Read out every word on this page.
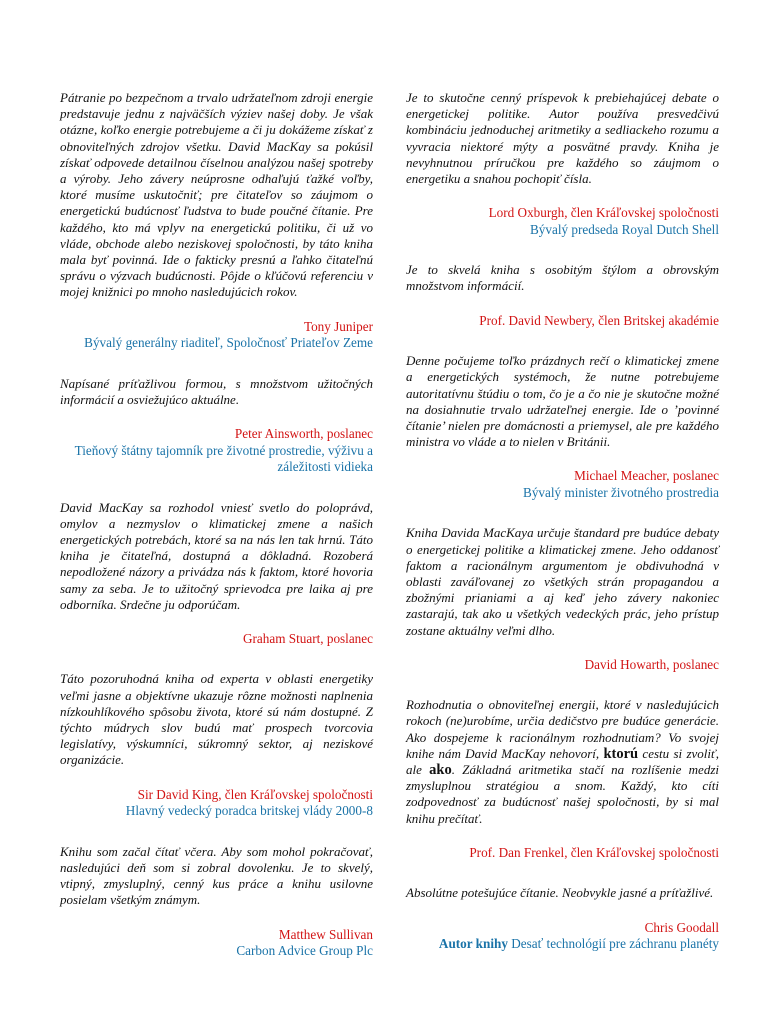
Pátranie po bezpečnom a trvalo udržateľnom zdroji energie predstavuje jednu z najväčších výziev našej doby. Je však otázne, koľko energie potrebujeme a či ju dokážeme získať z obnoviteľných zdrojov všetku. David MacKay sa pokúsil získať odpovede detailnou číselnou analýzou našej spotreby a výroby. Jeho závery neúprosne odhaľujú ťažké voľby, ktoré musíme uskutočniť; pre čitateľov so záujmom o energetickú budúcnosť ľudstva to bude poučné čítanie. Pre každého, kto má vplyv na energetickú politiku, či už vo vláde, obchode alebo neziskovej spoločnosti, by táto kniha mala byť povinná. Ide o fakticky presnú a ľahko čitateľnú správu o výzvach budúcnosti. Pôjde o kľúčovú referenciu v mojej knižnici po mnoho nasledujúcich rokov.

Tony Juniper
Bývalý generálny riaditeľ, Spoločnosť Priateľov Zeme

Napísané príťažlivou formou, s množstvom užitočných informácií a osviežujúco aktuálne.

Peter Ainsworth, poslanec
Tieňový štátny tajomník pre životné prostredie, výživu a záležitosti vidieka

David MacKay sa rozhodol vniesť svetlo do poloprávd, omylov a nezmyslov o klimatickej zmene a našich energetických potrebách, ktoré sa na nás len tak hrnú. Táto kniha je čitateľná, dostupná a dôkladná. Rozoberá nepodložené názory a privádza nás k faktom, ktoré hovoria samy za seba. Je to užitočný sprievodca pre laika aj pre odborníka. Srdečne ju odporúčam.

Graham Stuart, poslanec

Táto pozoruhodná kniha od experta v oblasti energetiky veľmi jasne a objektívne ukazuje rôzne možnosti naplnenia nízkouhlíkového spôsobu života, ktoré sú nám dostupné. Z týchto múdrych slov budú mať prospech tvorcovia legislatívy, výskumníci, súkromný sektor, aj neziskové organizácie.

Sir David King, člen Kráľovskej spoločnosti
Hlavný vedecký poradca britskej vlády 2000-8

Knihu som začal čítať včera. Aby som mohol pokračovať, nasledujúci deň som si zobral dovolenku. Je to skvelý, vtipný, zmysluplný, cenný kus práce a knihu usilovne posielam všetkým známym.

Matthew Sullivan
Carbon Advice Group Plc

Je to skutočne cenný príspevok k prebiehajúcej debate o energetickej politike. Autor používa presvedčivú kombináciu jednoduchej aritmetiky a sedliackeho rozumu a vyvracia niektoré mýty a posvätné pravdy. Kniha je nevyhnutnou príručkou pre každého so záujmom o energetiku a snahou pochopiť čísla.

Lord Oxburgh, člen Kráľovskej spoločnosti
Bývalý predseda Royal Dutch Shell

Je to skvelá kniha s osobitým štýlom a obrovským množstvom informácií.

Prof. David Newbery, člen Britskej akadémie

Denne počujeme toľko prázdnych rečí o klimatickej zmene a energetických systémoch, že nutne potrebujeme autoritatívnu štúdiu o tom, čo je a čo nie je skutočne možné na dosiahnutie trvalo udržateľnej energie. Ide o ’povinné čítanie’ nielen pre domácnosti a priemysel, ale pre každého ministra vo vláde a to nielen v Británii.

Michael Meacher, poslanec
Bývalý minister životného prostredia

Kniha Davida MacKaya určuje štandard pre budúce debaty o energetickej politike a klimatickej zmene. Jeho oddanosť faktom a racionálnym argumentom je obdivuhodná v oblasti zaváľovanej zo všetkých strán propagandou a zbožnými prianiami a aj keď jeho závery nakoniec zastarajú, tak ako u všetkých vedeckých prác, jeho prístup zostane aktuálny veľmi dlho.

David Howarth, poslanec

Rozhodnutia o obnoviteľnej energii, ktoré v nasledujúcich rokoch (ne)urobíme, určia dedičstvo pre budúce generácie. Ako dospejeme k racionálnym rozhodnutiam? Vo svojej knihe nám David MacKay nehovorí, ktorú cestu si zvoliť, ale ako. Základná aritmetika stačí na rozlíšenie medzi zmysluplnou stratégiou a snom. Každý, kto cíti zodpovednosť za budúcnosť našej spoločnosti, by si mal knihu prečítať.

Prof. Dan Frenkel, člen Kráľovskej spoločnosti

Absolútne potešujúce čítanie. Neobvykle jasné a príťažlivé.

Chris Goodall
Autor knihy Desať technológií pre záchranu planéty
